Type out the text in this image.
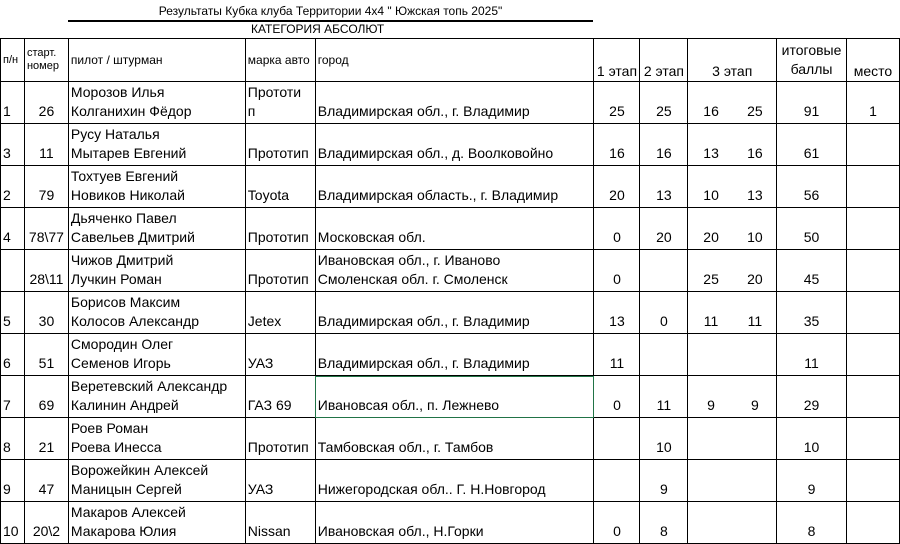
Результаты Кубка клуба Территории 4х4 " Южская топь 2025"
КАТЕГОРИЯ АБСОЛЮТ
п/н	старт. номер	пилот / штурман	марка авто	город	1 этап	2 этап	3 этап		итоговые баллы	место
1	26	Морозов Илья
Колганихин Фёдор	Прототи
п	Владимирская обл., г. Владимир	25	25	16	25	91	1
3	11	Русу Наталья
Мытарев Евгений	Прототип	Владимирская обл., д. Воолковойно	16	16	13	16	61	
2	79	Тохтуев Евгений
Новиков Николай	Toyota	Владимирская область., г. Владимир	20	13	10	13	56	
4	78\77	Дьяченко Павел
Савельев Дмитрий	Прототип	Московская обл.	0	20	20	10	50	
	28\11	Чижов Дмитрий
Лучкин Роман	Прототип	Ивановская обл., г. Иваново
Смоленская обл. г. Смоленск	0		25	20	45	
5	30	Борисов Максим
Колосов Александр	Jetex	Владимирская обл., г. Владимир	13	0	11	11	35	
6	51	Смородин Олег
Семенов Игорь	УАЗ	Владимирская обл., г. Владимир	11				11	
7	69	Веретевский Александр
Калинин Андрей	ГАЗ 69	Ивановсая обл., п. Лежнево	0	11	9	9	29	
8	21	Роев Роман
Роева Инесса	Прототип	Тамбовская обл., г. Тамбов		10			10	
9	47	Ворожейкин Алексей
Маницын Сергей	УАЗ	Нижегородская обл.. Г. Н.Новгород		9			9	
10	20\2	Макаров Алексей
Макарова Юлия	Nissan	Ивановская обл., Н.Горки	0	8			8	
